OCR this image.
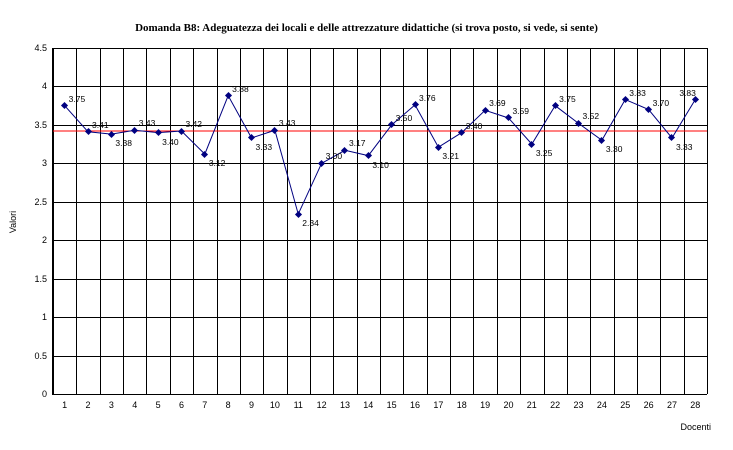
Domanda B8: Adeguatezza dei locali e delle attrezzature didattiche (si trova posto, si vede, si sente)
Valori
Docenti
0
0.5
1
1.5
2
2.5
3
3.5
4
4.5
1 2 3 4 5 6 7 8 9 10 11 12 13 14 15 16 17 18 19 20 21 22 23 24 25 26 27 28
3.75
3.41
3.38
3.43
3.40
3.42
3.12
3.88
3.33
3.43
2.34
3.00
3.17
3.10
3.50
3.76
3.21
3.40
3.69
3.59
3.25
3.75
3.52
3.30
3.83
3.70
3.33
3.83
